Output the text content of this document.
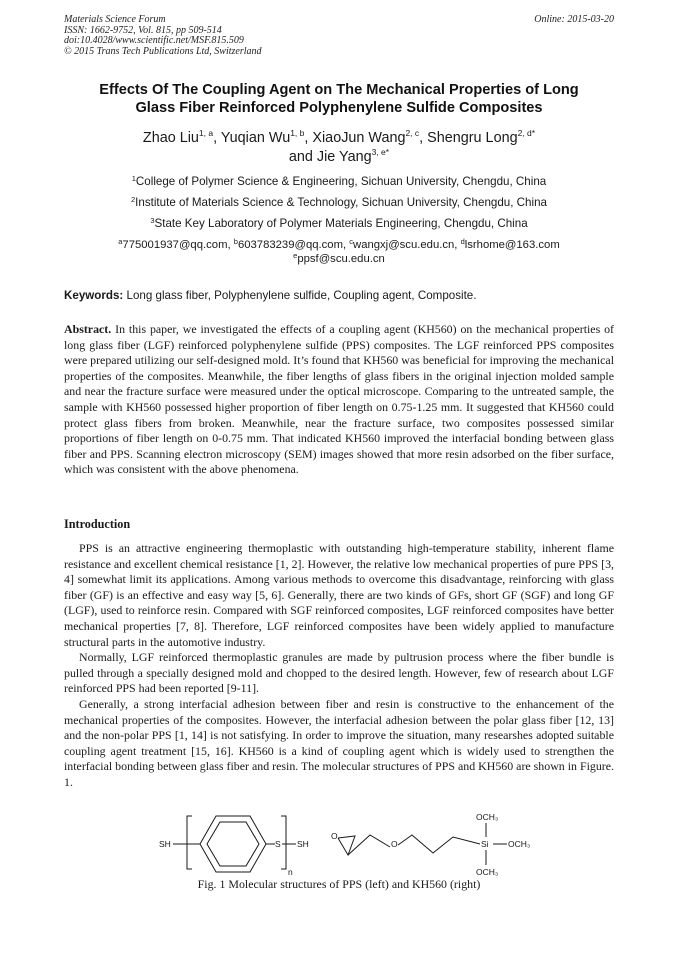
Materials Science Forum
ISSN: 1662-9752, Vol. 815, pp 509-514
doi:10.4028/www.scientific.net/MSF.815.509
© 2015 Trans Tech Publications Ltd, Switzerland
Online: 2015-03-20
Effects Of The Coupling Agent on The Mechanical Properties of Long
Glass Fiber Reinforced Polyphenylene Sulfide Composites
Zhao Liu$^{1, a}$, Yuqian Wu$^{1, b}$, XiaoJun Wang$^{2, c}$, Shengru Long$^{2, d*}$
and Jie Yang$^{3, e*}$
$^1$College of Polymer Science & Engineering, Sichuan University, Chengdu, China
$^2$Institute of Materials Science & Technology, Sichuan University, Chengdu, China
$^3$State Key Laboratory of Polymer Materials Engineering, Chengdu, China
$^a$775001937@qq.com, $^b$603783239@qq.com, $^c$wangxj@scu.edu.cn, $^d$lsrhome@163.com
$^e$ppsf@scu.edu.cn
Keywords: Long glass fiber, Polyphenylene sulfide, Coupling agent, Composite.
Abstract. In this paper, we investigated the effects of a coupling agent (KH560) on the mechanical properties of long glass fiber (LGF) reinforced polyphenylene sulfide (PPS) composites. The LGF reinforced PPS composites were prepared utilizing our self-designed mold. It’s found that KH560 was beneficial for improving the mechanical properties of the composites. Meanwhile, the fiber lengths of glass fibers in the original injection molded sample and near the fracture surface were measured under the optical microscope. Comparing to the untreated sample, the sample with KH560 possessed higher proportion of fiber length on 0.75-1.25 mm. It suggested that KH560 could protect glass fibers from broken. Meanwhile, near the fracture surface, two composites possessed similar proportions of fiber length on 0-0.75 mm. That indicated KH560 improved the interfacial bonding between glass fiber and PPS. Scanning electron microscopy (SEM) images showed that more resin adsorbed on the fiber surface, which was consistent with the above phenomena.
Introduction

PPS is an attractive engineering thermoplastic with outstanding high-temperature stability, inherent flame resistance and excellent chemical resistance [1, 2]. However, the relative low mechanical properties of pure PPS [3, 4] somewhat limit its applications. Among various methods to overcome this disadvantage, reinforcing with glass fiber (GF) is an effective and easy way [5, 6]. Generally, there are two kinds of GFs, short GF (SGF) and long GF (LGF), used to reinforce resin. Compared with SGF reinforced composites, LGF reinforced composites have better mechanical properties [7, 8]. Therefore, LGF reinforced composites have been widely applied to manufacture structural parts in the automotive industry.

Normally, LGF reinforced thermoplastic granules are made by pultrusion process where the fiber bundle is pulled through a specially designed mold and chopped to the desired length. However, few of research about LGF reinforced PPS had been reported [9-11].

Generally, a strong interfacial adhesion between fiber and resin is constructive to the enhancement of the mechanical properties of the composites. However, the interfacial adhesion between the polar glass fiber [12, 13] and the non-polar PPS [1, 14] is not satisfying. In order to improve the situation, many researshes adopted suitable coupling agent treatment [15, 16]. KH560 is a kind of coupling agent which is widely used to strengthen the interfacial bonding between glass fiber and resin. The molecular structures of PPS and KH560 are shown in Figure. 1.

SH	S SH
n
O
O	Si
OCH₃
OCH₃
OCH₃
Fig. 1 Molecular structures of PPS (left) and KH560 (right)
